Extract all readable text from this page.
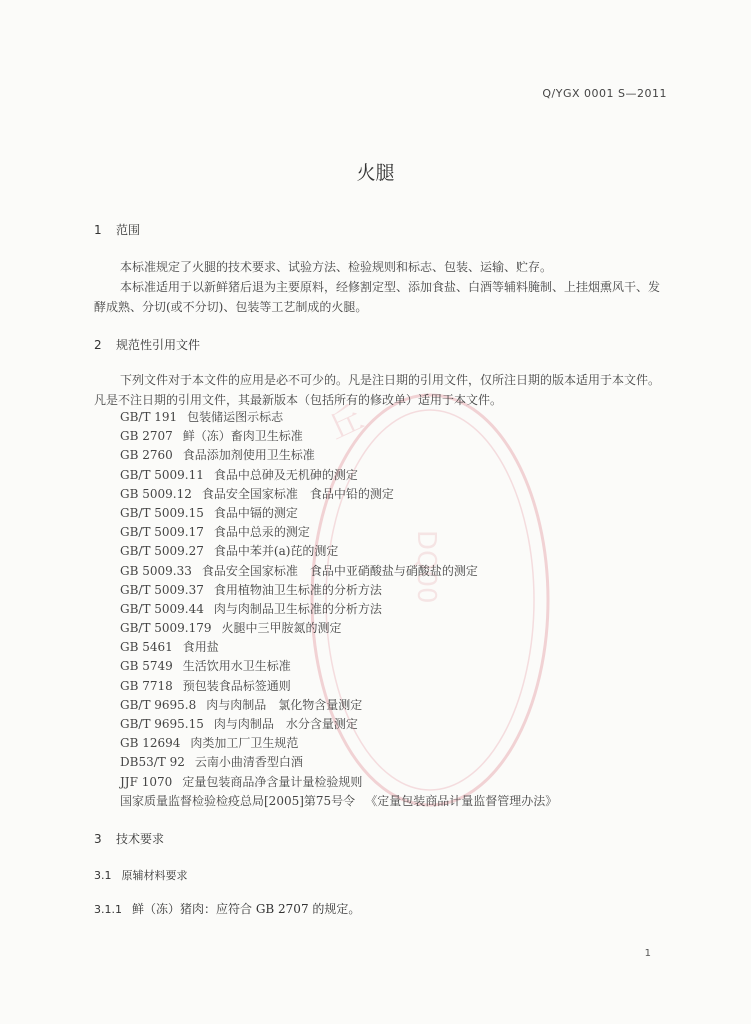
丘
DQ00
Q/YGX 0001 S—2011
火腿
1 范围

本标准规定了火腿的技术要求、试验方法、检验规则和标志、包装、运输、贮存。

本标准适用于以新鲜猪后退为主要原料，经修割定型、添加食盐、白酒等辅料腌制、上挂烟熏风干、发酵成熟、分切(或不分切)、包装等工艺制成的火腿。

2 规范性引用文件

下列文件对于本文件的应用是必不可少的。凡是注日期的引用文件，仅所注日期的版本适用于本文件。凡是不注日期的引用文件，其最新版本（包括所有的修改单）适用于本文件。

GB/T 191 包装储运图示标志
GB 2707 鲜（冻）畜肉卫生标准
GB 2760 食品添加剂使用卫生标准
GB/T 5009.11 食品中总砷及无机砷的测定
GB 5009.12 食品安全国家标准　食品中铅的测定
GB/T 5009.15 食品中镉的测定
GB/T 5009.17 食品中总汞的测定
GB/T 5009.27 食品中苯并(a)芘的测定
GB 5009.33 食品安全国家标准　食品中亚硝酸盐与硝酸盐的测定
GB/T 5009.37 食用植物油卫生标准的分析方法
GB/T 5009.44 肉与肉制品卫生标准的分析方法
GB/T 5009.179 火腿中三甲胺氮的测定
GB 5461 食用盐
GB 5749 生活饮用水卫生标准
GB 7718 预包装食品标签通则
GB/T 9695.8 肉与肉制品　氯化物含量测定
GB/T 9695.15 肉与肉制品　水分含量测定
GB 12694 肉类加工厂卫生规范
DB53/T 92 云南小曲清香型白酒
JJF 1070 定量包装商品净含量计量检验规则
国家质量监督检验检疫总局[2005]第75号令 《定量包装商品计量监督管理办法》
3 技术要求
3.1 原辅材料要求
3.1.1 鲜（冻）猪肉：应符合 GB 2707 的规定。
1
